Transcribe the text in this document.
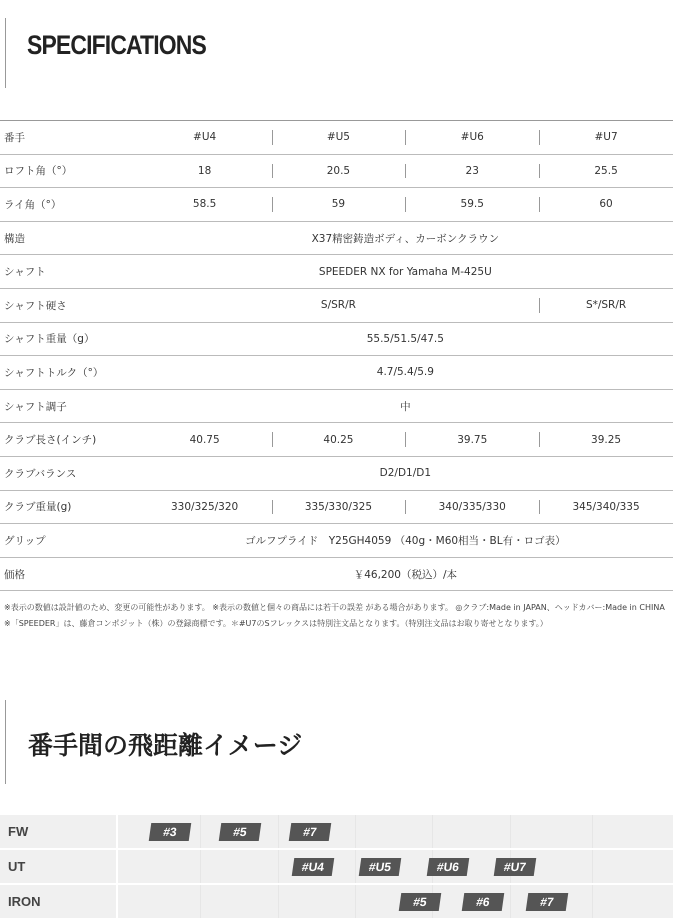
SPECIFICATIONS
番手	#U4	#U5	#U6	#U7
ロフト角（°）	18	20.5	23	25.5
ライ角（°）	58.5	59	59.5	60
構造	X37精密鋳造ボディ、カーボンクラウン			
シャフト	SPEEDER NX for Yamaha M-425U			
シャフト硬さ	S/SR/R			S*/SR/R
シャフト重量（g）	55.5/51.5/47.5			
シャフトトルク（°）	4.7/5.4/5.9			
シャフト調子	中			
クラブ長さ(インチ)	40.75	40.25	39.75	39.25
クラブバランス	D2/D1/D1			
クラブ重量(g)	330/325/320	335/330/325	340/335/330	345/340/335
グリップ	ゴルフプライド　Y25GH4059 （40g・M60相当・BL有・ロゴ表）			
価格	￥46,200（税込）/本			
※表示の数値は設計値のため、変更の可能性があります。 ※表示の数値と個々の商品には若干の誤差 がある場合があります。 ◎クラブ:Made in JAPAN、ヘッドカバー:Made in CHINA ※「SPEEDER」は、藤倉コンポジット（株）の登録商標です。＊#U7のSフレックスは特別注文品となります。（特別注文品はお取り寄せとなります。）
番手間の飛距離イメージ
FW	#3	#5	#7
UT	#U4	#U5	#U6	#U7
IRON	#5	#6	#7
